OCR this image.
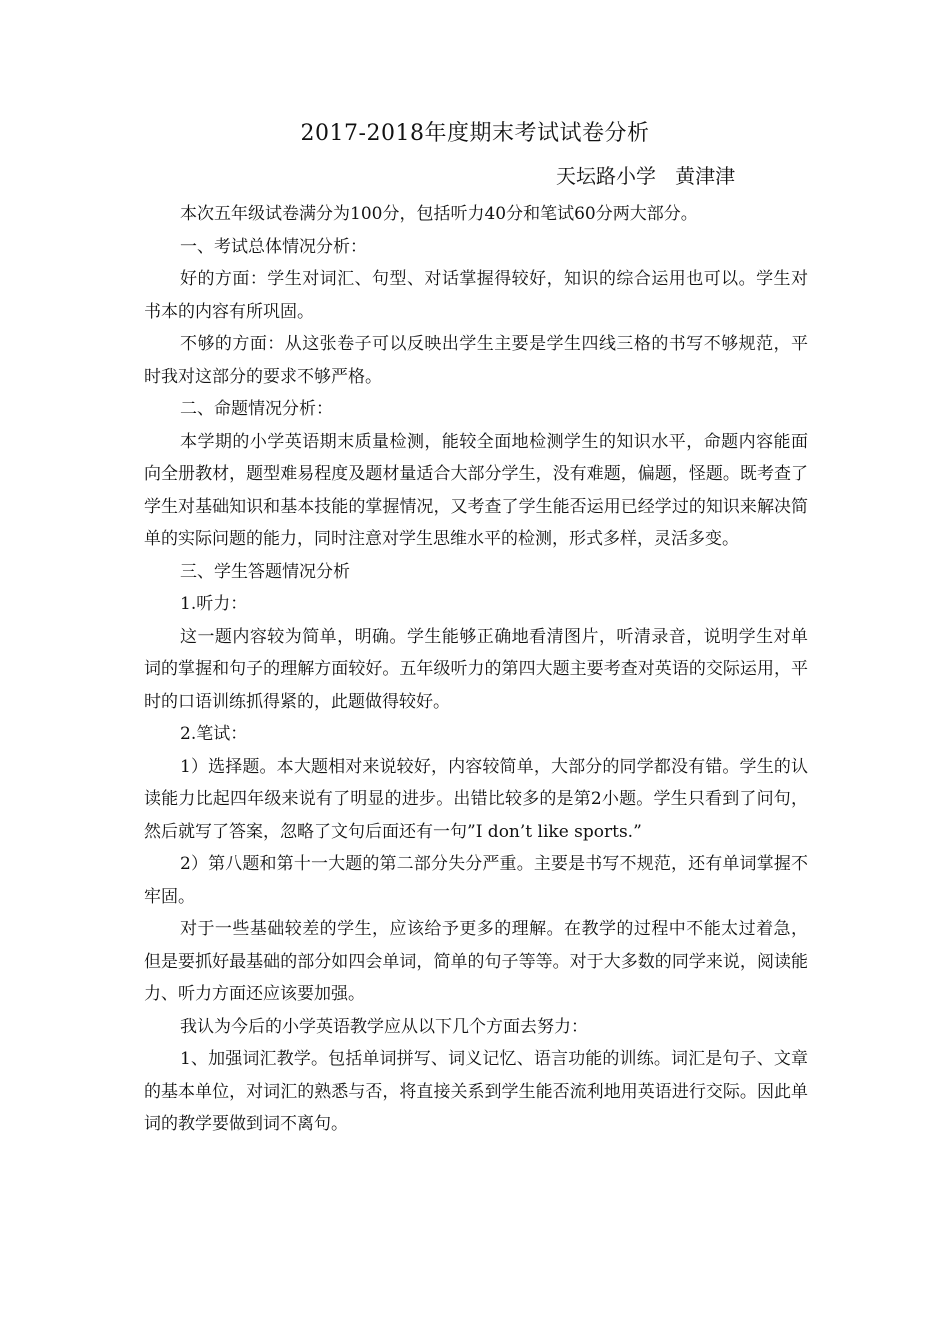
2017-2018年度期末考试试卷分析
天坛路小学   黄津津

本次五年级试卷满分为100分，包括听力40分和笔试60分两大部分。

一、考试总体情况分析：

好的方面：学生对词汇、句型、对话掌握得较好，知识的综合运用也可以。学生对书本的内容有所巩固。

不够的方面：从这张卷子可以反映出学生主要是学生四线三格的书写不够规范，平时我对这部分的要求不够严格。

二、命题情况分析：

本学期的小学英语期末质量检测，能较全面地检测学生的知识水平，命题内容能面向全册教材，题型难易程度及题材量适合大部分学生，没有难题，偏题，怪题。既考查了学生对基础知识和基本技能的掌握情况，又考查了学生能否运用已经学过的知识来解决简单的实际问题的能力，同时注意对学生思维水平的检测，形式多样，灵活多变。

三、学生答题情况分析

1.听力：

这一题内容较为简单，明确。学生能够正确地看清图片，听清录音，说明学生对单词的掌握和句子的理解方面较好。五年级听力的第四大题主要考查对英语的交际运用，平时的口语训练抓得紧的，此题做得较好。

2.笔试：

1）选择题。本大题相对来说较好，内容较简单，大部分的同学都没有错。学生的认读能力比起四年级来说有了明显的进步。出错比较多的是第2小题。学生只看到了问句，然后就写了答案，忽略了文句后面还有一句”I don’t like sports.”

2）第八题和第十一大题的第二部分失分严重。主要是书写不规范，还有单词掌握不牢固。

对于一些基础较差的学生，应该给予更多的理解。在教学的过程中不能太过着急，但是要抓好最基础的部分如四会单词，简单的句子等等。对于大多数的同学来说，阅读能力、听力方面还应该要加强。

我认为今后的小学英语教学应从以下几个方面去努力：

1、加强词汇教学。包括单词拼写、词义记忆、语言功能的训练。词汇是句子、文章的基本单位，对词汇的熟悉与否，将直接关系到学生能否流利地用英语进行交际。因此单词的教学要做到词不离句。
